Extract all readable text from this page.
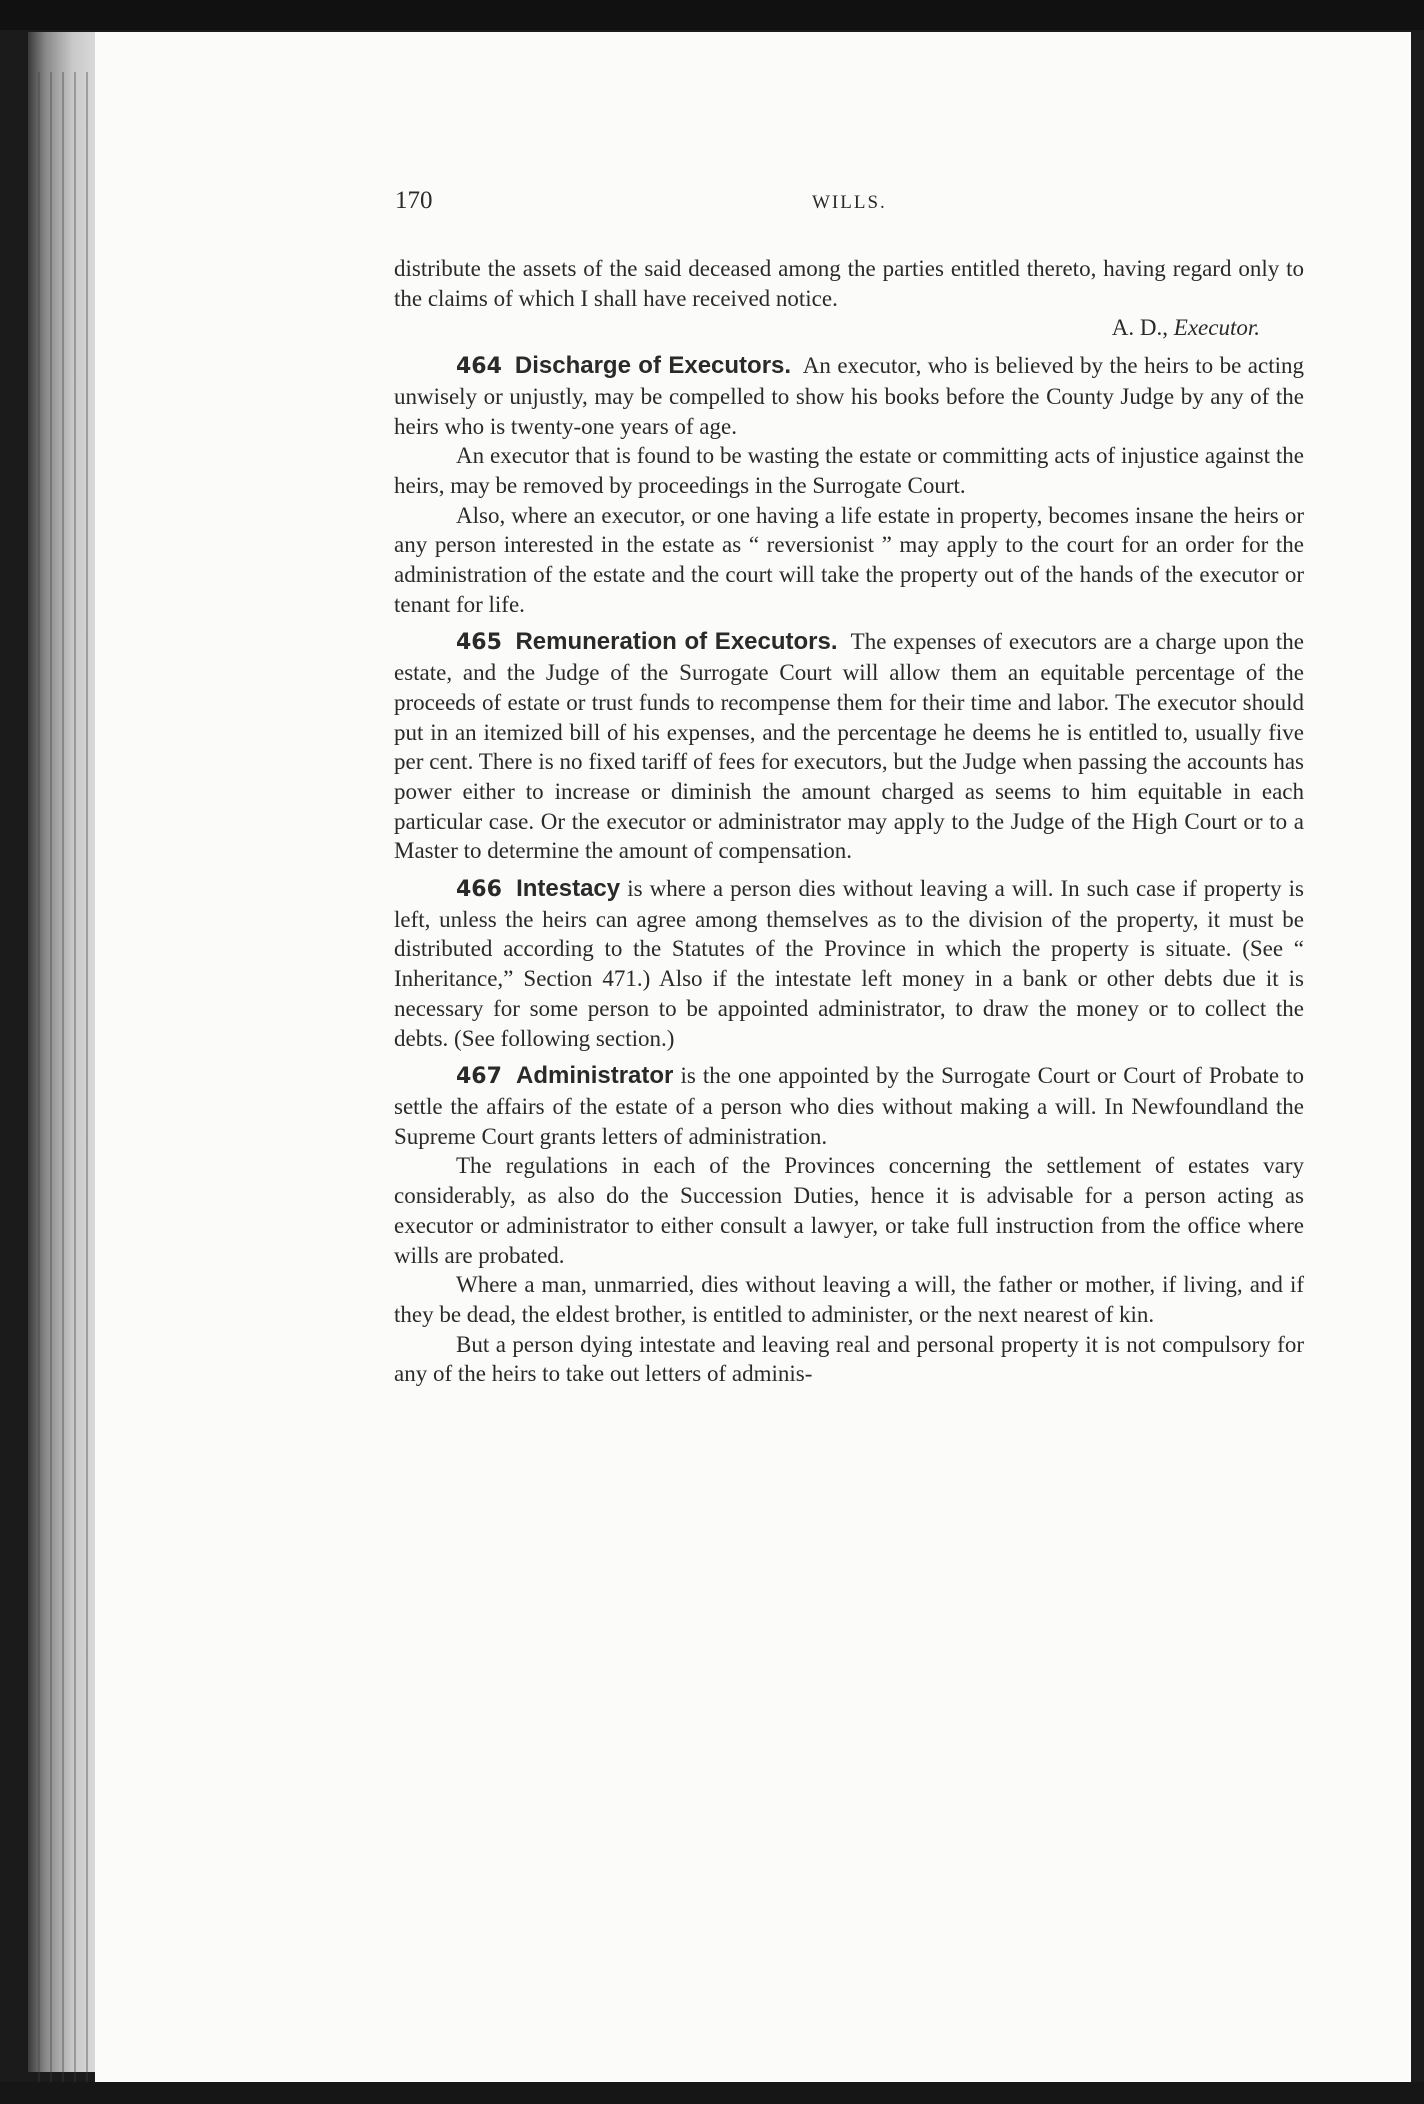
170	WILLS.

distribute the assets of the said deceased among the parties entitled thereto, having regard only to the claims of which I shall have received notice.

A. D., Executor.

464 Discharge of Executors. An executor, who is believed by the heirs to be acting unwisely or unjustly, may be compelled to show his books before the County Judge by any of the heirs who is twenty-one years of age.

An executor that is found to be wasting the estate or committing acts of injustice against the heirs, may be removed by proceedings in the Surrogate Court.

Also, where an executor, or one having a life estate in property, becomes insane the heirs or any person interested in the estate as “ reversionist ” may apply to the court for an order for the administration of the estate and the court will take the property out of the hands of the executor or tenant for life.

465 Remuneration of Executors. The expenses of executors are a charge upon the estate, and the Judge of the Surrogate Court will allow them an equitable percentage of the proceeds of estate or trust funds to recompense them for their time and labor. The executor should put in an itemized bill of his expenses, and the percentage he deems he is entitled to, usually five per cent. There is no fixed tariff of fees for executors, but the Judge when passing the accounts has power either to increase or diminish the amount charged as seems to him equitable in each particular case. Or the executor or administrator may apply to the Judge of the High Court or to a Master to determine the amount of compensation.

466 Intestacy is where a person dies without leaving a will. In such case if property is left, unless the heirs can agree among themselves as to the division of the property, it must be distributed according to the Statutes of the Province in which the property is situate. (See “ Inheritance,” Section 471.) Also if the intestate left money in a bank or other debts due it is necessary for some person to be appointed administrator, to draw the money or to collect the debts. (See following section.)

467 Administrator is the one appointed by the Surrogate Court or Court of Probate to settle the affairs of the estate of a person who dies without making a will. In Newfoundland the Supreme Court grants letters of administration.

The regulations in each of the Provinces concerning the settlement of estates vary considerably, as also do the Succession Duties, hence it is advisable for a person acting as executor or administrator to either consult a lawyer, or take full instruction from the office where wills are probated.

Where a man, unmarried, dies without leaving a will, the father or mother, if living, and if they be dead, the eldest brother, is entitled to administer, or the next nearest of kin.

But a person dying intestate and leaving real and personal property it is not compulsory for any of the heirs to take out letters of adminis-
